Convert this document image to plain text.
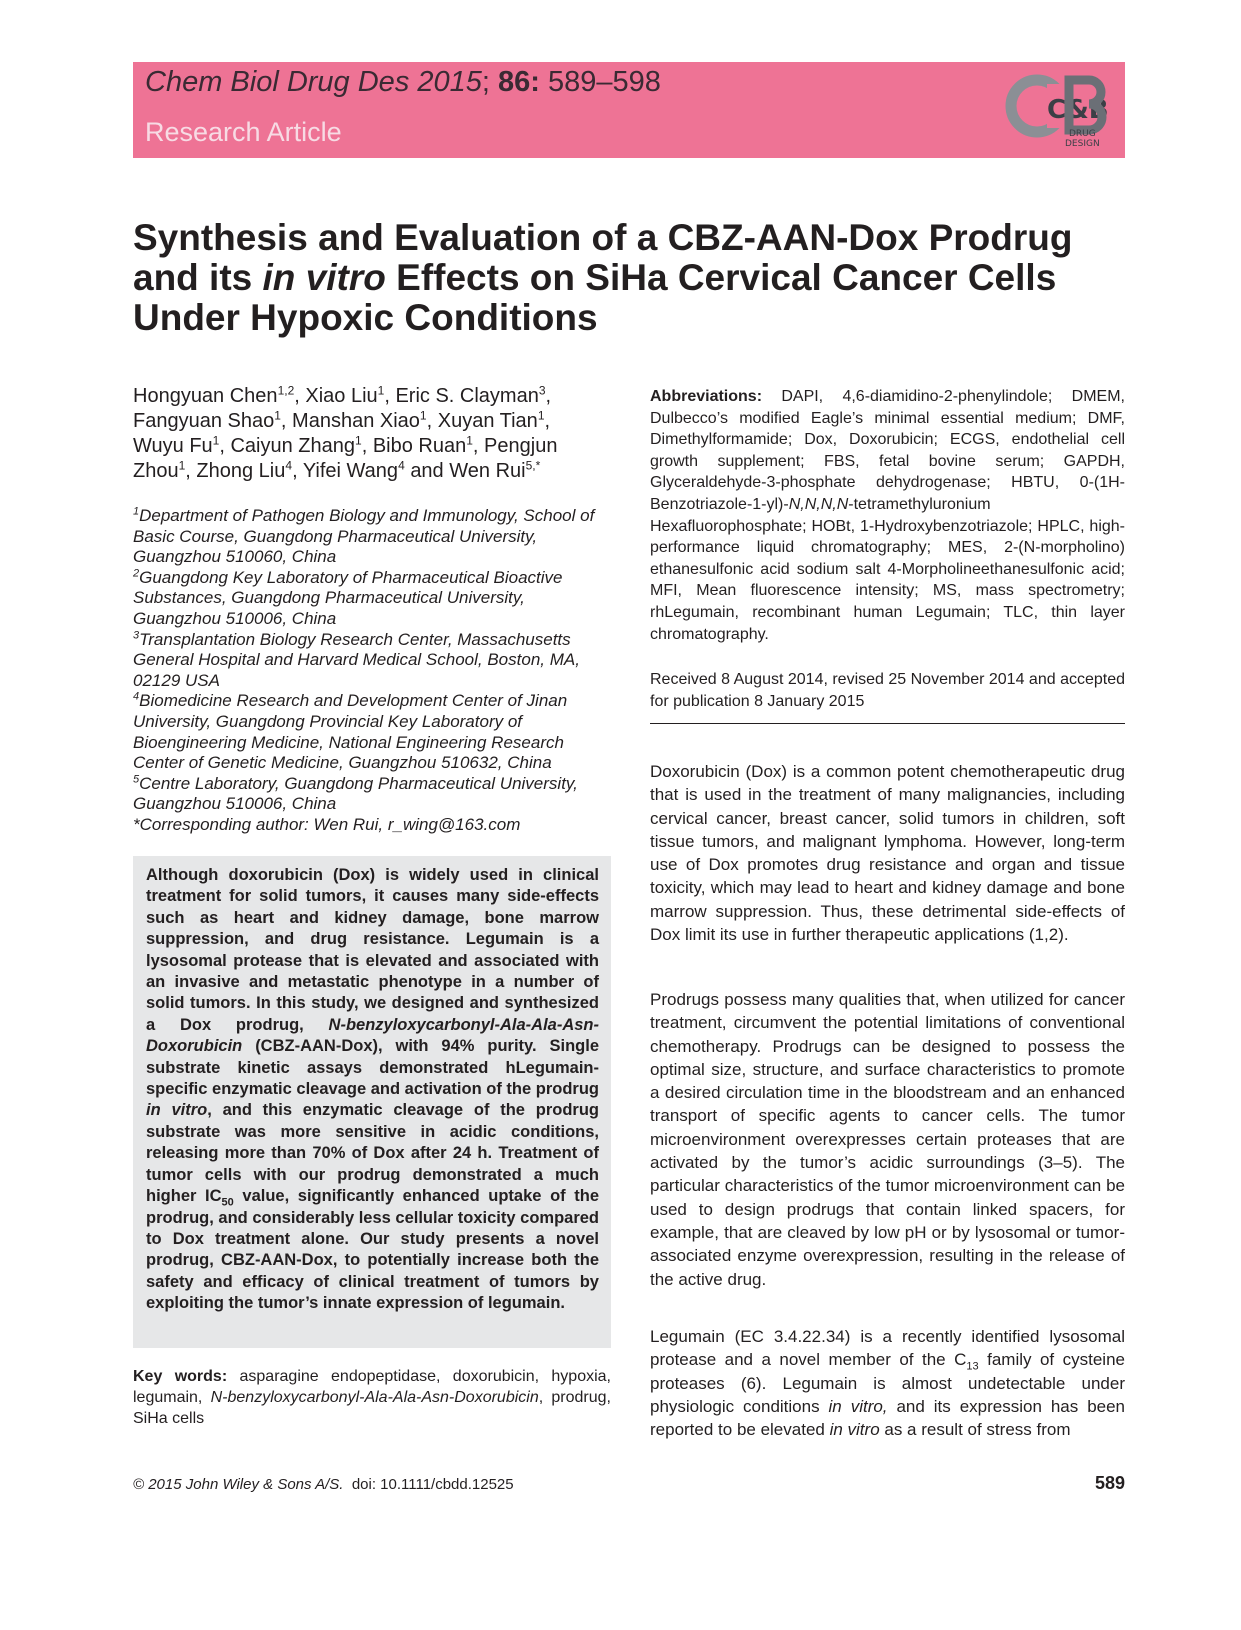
Chem Biol Drug Des 2015; 86: 589–598
Research Article
C&B
DRUG
DESIGN
Synthesis and Evaluation of a CBZ-AAN-Dox Prodrug and its in vitro Effects on SiHa Cervical Cancer Cells Under Hypoxic Conditions
Hongyuan Chen$^{1,2}$, Xiao Liu$^1$, Eric S. Clayman$^3$, Fangyuan Shao$^1$, Manshan Xiao$^1$, Xuyan Tian$^1$, Wuyu Fu$^1$, Caiyun Zhang$^1$, Bibo Ruan$^1$, Pengjun Zhou$^1$, Zhong Liu$^4$, Yifei Wang$^4$ and Wen Rui$^{5,*}$
$^1$Department of Pathogen Biology and Immunology, School of Basic Course, Guangdong Pharmaceutical University, Guangzhou 510060, China
$^2$Guangdong Key Laboratory of Pharmaceutical Bioactive Substances, Guangdong Pharmaceutical University, Guangzhou 510006, China
$^3$Transplantation Biology Research Center, Massachusetts General Hospital and Harvard Medical School, Boston, MA, 02129 USA
$^4$Biomedicine Research and Development Center of Jinan University, Guangdong Provincial Key Laboratory of Bioengineering Medicine, National Engineering Research Center of Genetic Medicine, Guangzhou 510632, China
$^5$Centre Laboratory, Guangdong Pharmaceutical University, Guangzhou 510006, China
*Corresponding author: Wen Rui, r_wing@163.com

Although doxorubicin (Dox) is widely used in clinical treatment for solid tumors, it causes many side-effects such as heart and kidney damage, bone marrow suppression, and drug resistance. Legumain is a lysosomal protease that is elevated and associated with an invasive and metastatic phenotype in a number of solid tumors. In this study, we designed and synthesized a Dox prodrug, N-benzyloxycarbonyl-Ala-Ala-Asn-Doxorubicin (CBZ-AAN-Dox), with 94% purity. Single substrate kinetic assays demonstrated hLegumain-specific enzymatic cleavage and activation of the prodrug in vitro, and this enzymatic cleavage of the prodrug substrate was more sensitive in acidic conditions, releasing more than 70% of Dox after 24 h. Treatment of tumor cells with our prodrug demonstrated a much higher $IC_{50}$ value, significantly enhanced uptake of the prodrug, and considerably less cellular toxicity compared to Dox treatment alone. Our study presents a novel prodrug, CBZ-AAN-Dox, to potentially increase both the safety and efficacy of clinical treatment of tumors by exploiting the tumor’s innate expression of legumain.

Key words: asparagine endopeptidase, doxorubicin, hypoxia, legumain, N-benzyloxycarbonyl-Ala-Ala-Asn-Doxorubicin, prodrug, SiHa cells

Abbreviations: DAPI, 4,6-diamidino-2-phenylindole; DMEM, Dulbecco’s modified Eagle’s minimal essential medium; DMF, Dimethylformamide; Dox, Doxorubicin; ECGS, endothelial cell growth supplement; FBS, fetal bovine serum; GAPDH, Glyceraldehyde-3-phosphate dehydrogenase; HBTU, 0-(1H-Benzotriazole-1-yl)-N,N,N,N-tetramethyluronium Hexafluorophosphate; HOBt, 1-Hydroxybenzotriazole; HPLC, high-performance liquid chromatography; MES, 2-(N-morpholino) ethanesulfonic acid sodium salt 4-Morpholineethanesulfonic acid; MFI, Mean fluorescence intensity; MS, mass spectrometry; rhLegumain, recombinant human Legumain; TLC, thin layer chromatography.

Received 8 August 2014, revised 25 November 2014 and accepted for publication 8 January 2015

Doxorubicin (Dox) is a common potent chemotherapeutic drug that is used in the treatment of many malignancies, including cervical cancer, breast cancer, solid tumors in children, soft tissue tumors, and malignant lymphoma. However, long-term use of Dox promotes drug resistance and organ and tissue toxicity, which may lead to heart and kidney damage and bone marrow suppression. Thus, these detrimental side-effects of Dox limit its use in further therapeutic applications (1,2).

Prodrugs possess many qualities that, when utilized for cancer treatment, circumvent the potential limitations of conventional chemotherapy. Prodrugs can be designed to possess the optimal size, structure, and surface characteristics to promote a desired circulation time in the bloodstream and an enhanced transport of specific agents to cancer cells. The tumor microenvironment overexpresses certain proteases that are activated by the tumor’s acidic surroundings (3–5). The particular characteristics of the tumor microenvironment can be used to design prodrugs that contain linked spacers, for example, that are cleaved by low pH or by lysosomal or tumor-associated enzyme overexpression, resulting in the release of the active drug.

Legumain (EC 3.4.22.34) is a recently identified lysosomal protease and a novel member of the $C_{13}$ family of cysteine proteases (6). Legumain is almost undetectable under physiologic conditions in vitro, and its expression has been reported to be elevated in vitro as a result of stress from

© 2015 John Wiley & Sons A/S. doi: 10.1111/cbdd.12525	589
